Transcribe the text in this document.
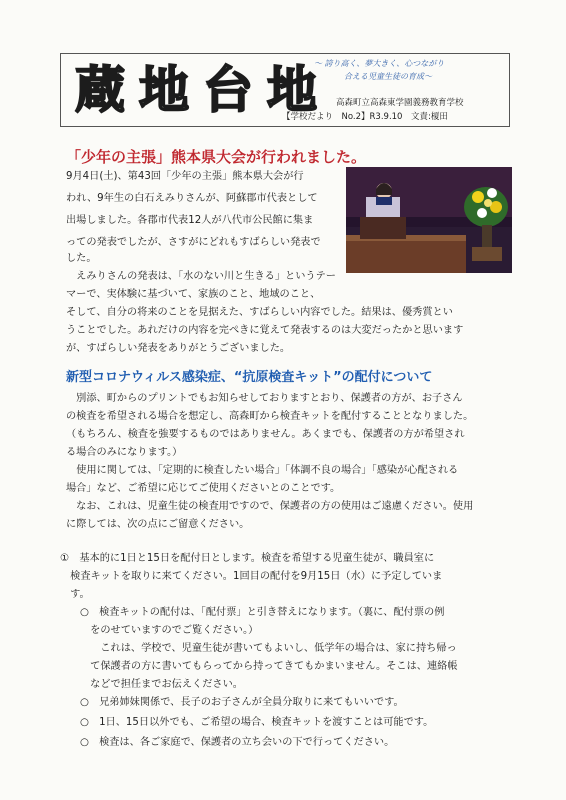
蔵 地 台 地
～ 誇り高く、夢大きく、心つながり
合える児童生徒の育成～
高森町立高森東学園義務教育学校
【学校だより　No.2】R3.9.10　文責:榎田
「少年の主張」熊本県大会が行われました。
9月4日(土)、第43回「少年の主張」熊本県大会が行
われ、9年生の白石えみりさんが、阿蘇郡市代表として
出場しました。各郡市代表12人が八代市公民館に集ま
っての発表でしたが、さすがにどれもすばらしい発表で
した。
　えみりさんの発表は、「水のない川と生きる」というテー
マーで、実体験に基づいて、家族のこと、地域のこと、
そして、自分の将来のことを見据えた、すばらしい内容でした。結果は、優秀賞とい
うことでした。あれだけの内容を完ぺきに覚えて発表するのは大変だったかと思います
が、すばらしい発表をありがとうございました。
新型コロナウィルス感染症、“抗原検査キット”の配付について
　別添、町からのプリントでもお知らせしておりますとおり、保護者の方が、お子さん
の検査を希望される場合を想定し、高森町から検査キットを配付することとなりました。
（もちろん、検査を強要するものではありません。あくまでも、保護者の方が希望され
る場合のみになります。）
　使用に関しては、「定期的に検査したい場合」「体調不良の場合」「感染が心配される
場合」など、ご希望に応じてご使用くださいとのことです。
　なお、これは、児童生徒の検査用ですので、保護者の方の使用はご遠慮ください。使用
に際しては、次の点にご留意ください。
①　基本的に1日と15日を配付日とします。検査を希望する児童生徒が、職員室に
　検査キットを取りに来てください。1回目の配付を9月15日（水）に予定していま
　す。
○　検査キットの配付は、「配付票」と引き替えになります。（裏に、配付票の例
　をのせていますのでご覧ください。）
　　これは、学校で、児童生徒が書いてもよいし、低学年の場合は、家に持ち帰っ
　て保護者の方に書いてもらってから持ってきてもかまいません。そこは、連絡帳
　などで担任までお伝えください。
○　兄弟姉妹関係で、長子のお子さんが全員分取りに来てもいいです。
○　1日、15日以外でも、ご希望の場合、検査キットを渡すことは可能です。
○　検査は、各ご家庭で、保護者の立ち会いの下で行ってください。
